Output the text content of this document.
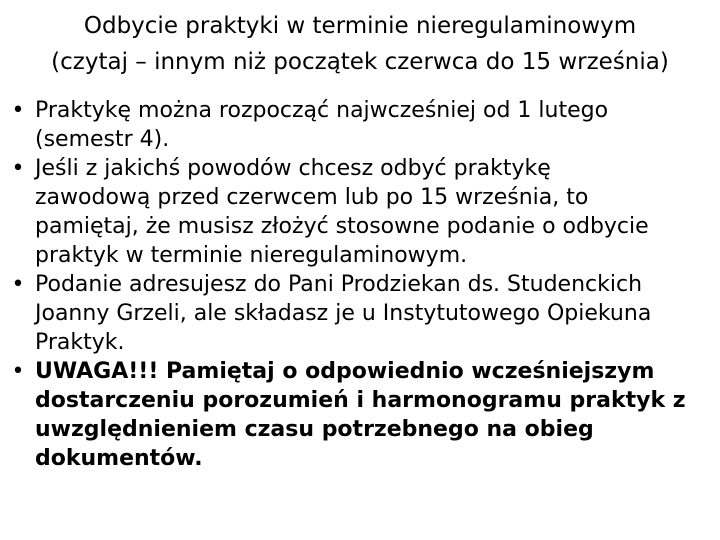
Odbycie praktyki w terminie nieregulaminowym
(czytaj – innym niż początek czerwca do 15 września)
• Praktykę można rozpocząć najwcześniej od 1 lutego
(semestr 4).
• Jeśli z jakichś powodów chcesz odbyć praktykę
zawodową przed czerwcem lub po 15 września, to
pamiętaj, że musisz złożyć stosowne podanie o odbycie
praktyk w terminie nieregulaminowym.
• Podanie adresujesz do Pani Prodziekan ds. Studenckich
Joanny Grzeli, ale składasz je u Instytutowego Opiekuna
Praktyk.
• UWAGA!!! Pamiętaj o odpowiednio wcześniejszym
dostarczeniu porozumień i harmonogramu praktyk z
uwzględnieniem czasu potrzebnego na obieg
dokumentów.
